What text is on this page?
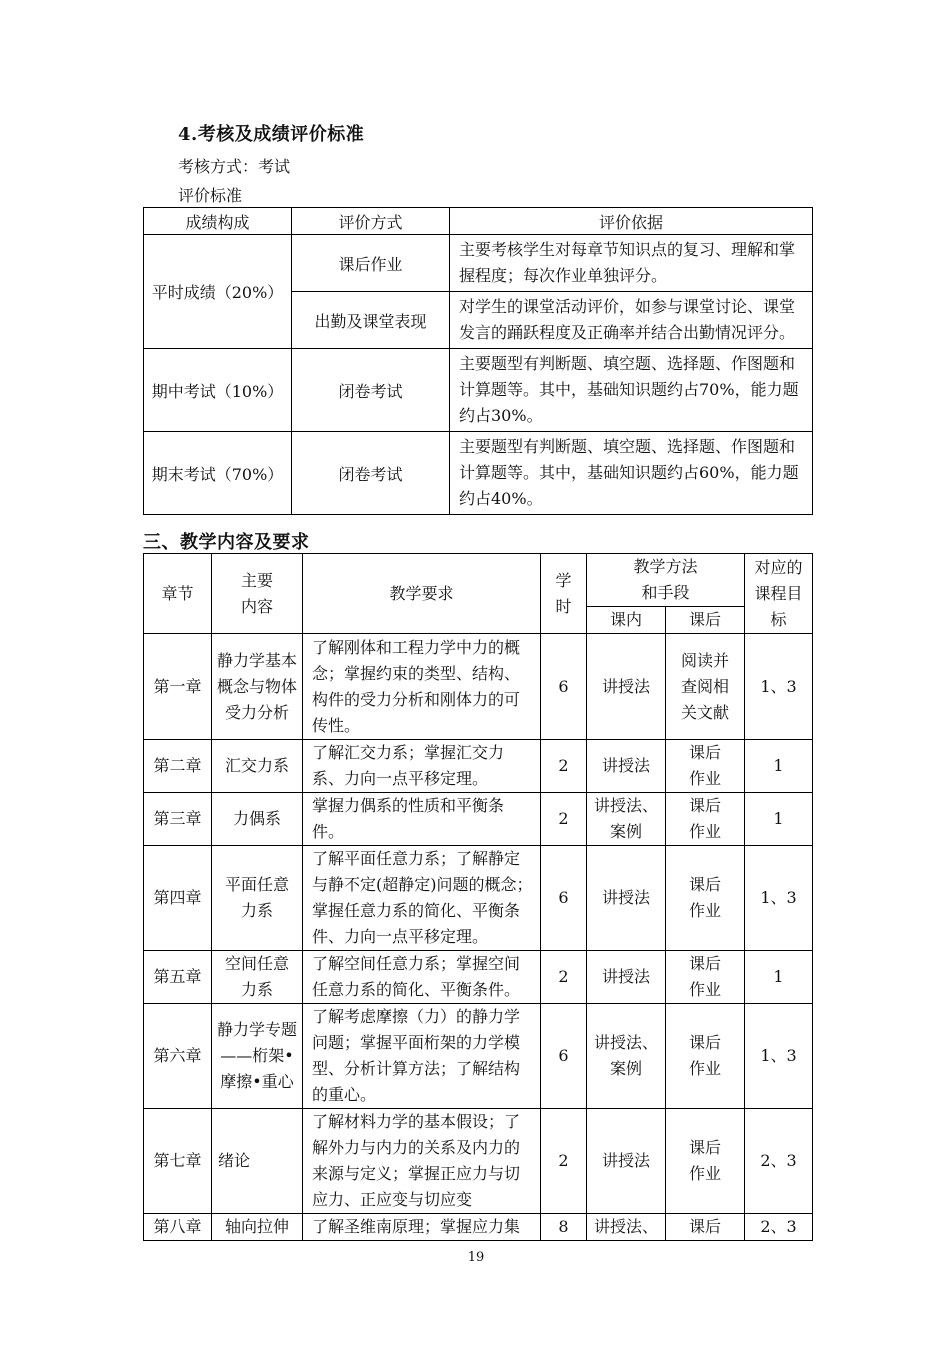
4.考核及成绩评价标准
考核方式：考试
评价标准
成绩构成	评价方式	评价依据
平时成绩（20%）	课后作业	主要考核学生对每章节知识点的复习、理解和掌握程度；每次作业单独评分。
	出勤及课堂表现	对学生的课堂活动评价，如参与课堂讨论、课堂发言的踊跃程度及正确率并结合出勤情况评分。
期中考试（10%）	闭卷考试	主要题型有判断题、填空题、选择题、作图题和计算题等。其中，基础知识题约占70%，能力题约占30%。
期末考试（70%）	闭卷考试	主要题型有判断题、填空题、选择题、作图题和计算题等。其中，基础知识题约占60%，能力题约占40%。
三、教学内容及要求
章节	主要内容	教学要求	学时	教学方法和手段		对应的课程目标
				课内	课后	
第一章	静力学基本概念与物体受力分析	了解刚体和工程力学中力的概念；掌握约束的类型、结构、构件的受力分析和刚体力的可传性。	6	讲授法	阅读并查阅相关文献	1、3
第二章	汇交力系	了解汇交力系；掌握汇交力系、力向一点平移定理。	2	讲授法	课后作业	1
第三章	力偶系	掌握力偶系的性质和平衡条件。	2	讲授法、案例	课后作业	1
第四章	平面任意力系	了解平面任意力系；了解静定与静不定(超静定)问题的概念；掌握任意力系的简化、平衡条件、力向一点平移定理。	6	讲授法	课后作业	1、3
第五章	空间任意力系	了解空间任意力系；掌握空间任意力系的简化、平衡条件。	2	讲授法	课后作业	1
第六章	静力学专题——桁架•摩擦•重心	了解考虑摩擦（力）的静力学问题；掌握平面桁架的力学模型、分析计算方法；了解结构的重心。	6	讲授法、案例	课后作业	1、3
第七章	绪论	了解材料力学的基本假设；了解外力与内力的关系及内力的来源与定义；掌握正应力与切应力、正应变与切应变	2	讲授法	课后作业	2、3
第八章	轴向拉伸	了解圣维南原理；掌握应力集	8	讲授法、	课后	2、3
19
